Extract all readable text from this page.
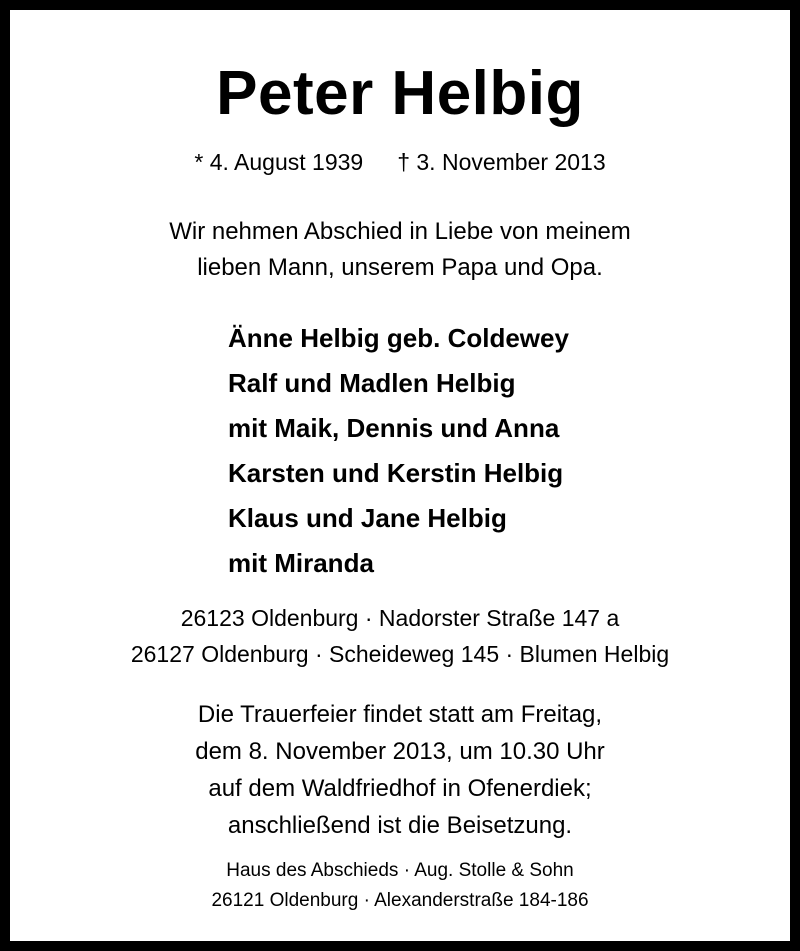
Peter Helbig
* 4. August 1939 † 3. November 2013
Wir nehmen Abschied in Liebe von meinem
lieben Mann, unserem Papa und Opa.
Änne Helbig geb. Coldewey
Ralf und Madlen Helbig
mit Maik, Dennis und Anna
Karsten und Kerstin Helbig
Klaus und Jane Helbig
mit Miranda
26123 Oldenburg · Nadorster Straße 147 a
26127 Oldenburg · Scheideweg 145 · Blumen Helbig
Die Trauerfeier findet statt am Freitag,
dem 8. November 2013, um 10.30 Uhr
auf dem Waldfriedhof in Ofenerdiek;
anschließend ist die Beisetzung.
Haus des Abschieds · Aug. Stolle & Sohn
26121 Oldenburg · Alexanderstraße 184-186
